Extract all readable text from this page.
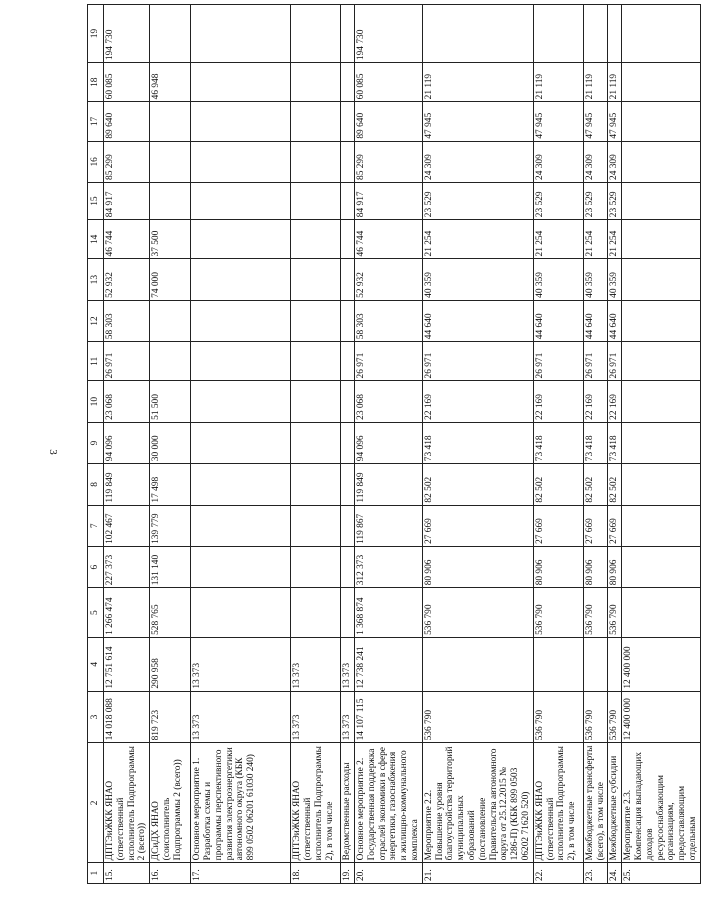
3
1	2	3	4	5	6	7	8	9	10	11	12	13	14	15	16	17	18	19
15.	ДПТЭиЖКК ЯНАО (ответственный исполнитель Подпрограммы 2 (всего))	14 018 088	12 751 614	1 266 474	227 373	102 467	119 849	94 096	23 068	26 971	58 303	52 932	46 744	84 917	85 299	89 640	60 085	194 730
16.	ДСиДХ ЯНАО (соисполнитель Подпрограммы 2 (всего))	819 723	290 958	528 765	131 140	139 779	17 498	30 000	51 500			74 000	37 500				46 948	
17.	Основное мероприятие 1. Разработка схемы и программы перспективного развития электроэнергетики автономного округа (КБК 899 0502 06201 61030 240)	13 373	13 373															
18.	ДПТЭиЖКК ЯНАО (ответственный исполнитель Подпрограммы 2), в том числе	13 373	13 373															
19.	Ведомственные расходы	13 373	13 373															
20.	Основное мероприятие 2. Государственная поддержка отраслей экономики в сфере энергетики, газоснабжения и жилищно-коммунального комплекса	14 107 115	12 738 241	1 368 874	312 373	119 867	119 849	94 096	23 068	26 971	58 303	52 932	46 744	84 917	85 299	89 640	60 085	194 730
21.	Мероприятие 2.2. Повышение уровня благоустройства территорий муниципальных образований (постановление Правительства автономного округа от 25.12.2015 № 1286-П) (КБК 899 0503 06202 71620 520)	536 790		536 790	80 906	27 669	82 502	73 418	22 169	26 971	44 640	40 359	21 254	23 529	24 309	47 945	21 119	
22.	ДПТЭиЖКК ЯНАО (ответственный исполнитель Подпрограммы 2), в том числе	536 790		536 790	80 906	27 669	82 502	73 418	22 169	26 971	44 640	40 359	21 254	23 529	24 309	47 945	21 119	
23.	Межбюджетные трансферты (всего), в том числе	536 790		536 790	80 906	27 669	82 502	73 418	22 169	26 971	44 640	40 359	21 254	23 529	24 309	47 945	21 119	
24.	Межбюджетные субсидии	536 790		536 790	80 906	27 669	82 502	73 418	22 169	26 971	44 640	40 359	21 254	23 529	24 309	47 945	21 119	
25.	Мероприятие 2.3. Компенсация выпадающих доходов ресурсоснабжающим организациям, предоставляющим отдельным	12 400 000	12 400 000															
